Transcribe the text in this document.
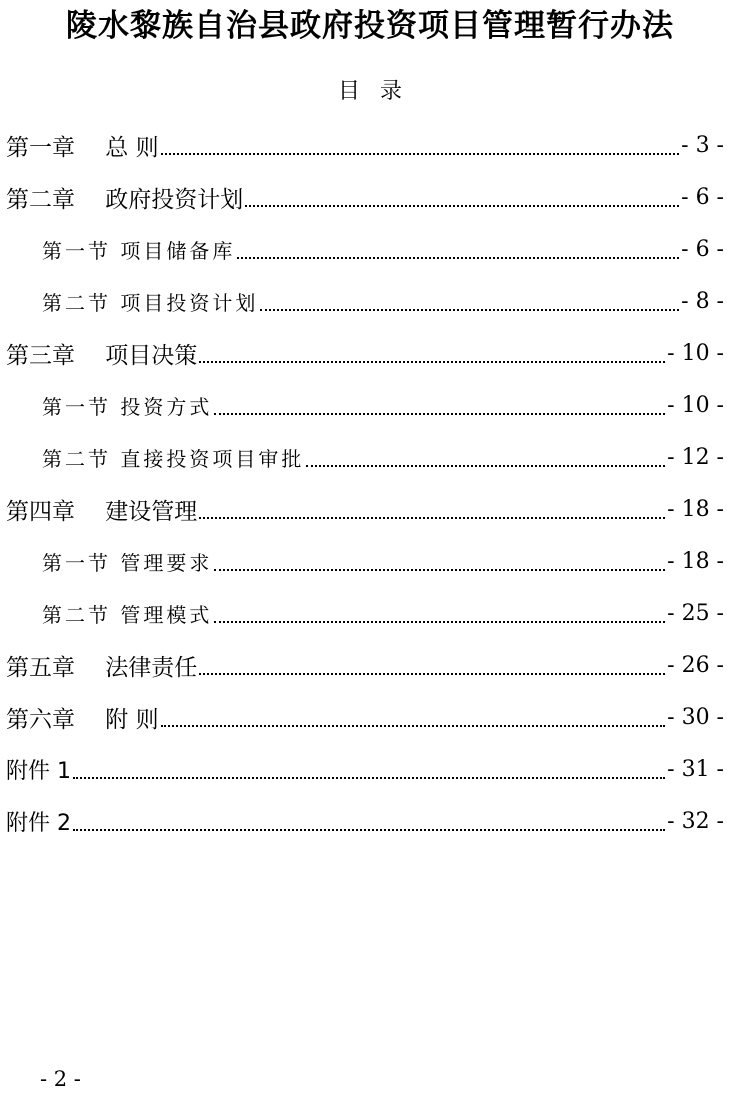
陵水黎族自治县政府投资项目管理暂行办法
目录
第一章　 总 则	- 3 -
第二章　 政府投资计划	- 6 -
第一节 项目储备库	- 6 -
第二节 项目投资计划	- 8 -
第三章　 项目决策	- 10 -
第一节 投资方式	- 10 -
第二节 直接投资项目审批	- 12 -
第四章　 建设管理	- 18 -
第一节 管理要求	- 18 -
第二节 管理模式	- 25 -
第五章　 法律责任	- 26 -
第六章　 附 则	- 30 -
附件 1	- 31 -
附件 2	- 32 -
- 2 -
